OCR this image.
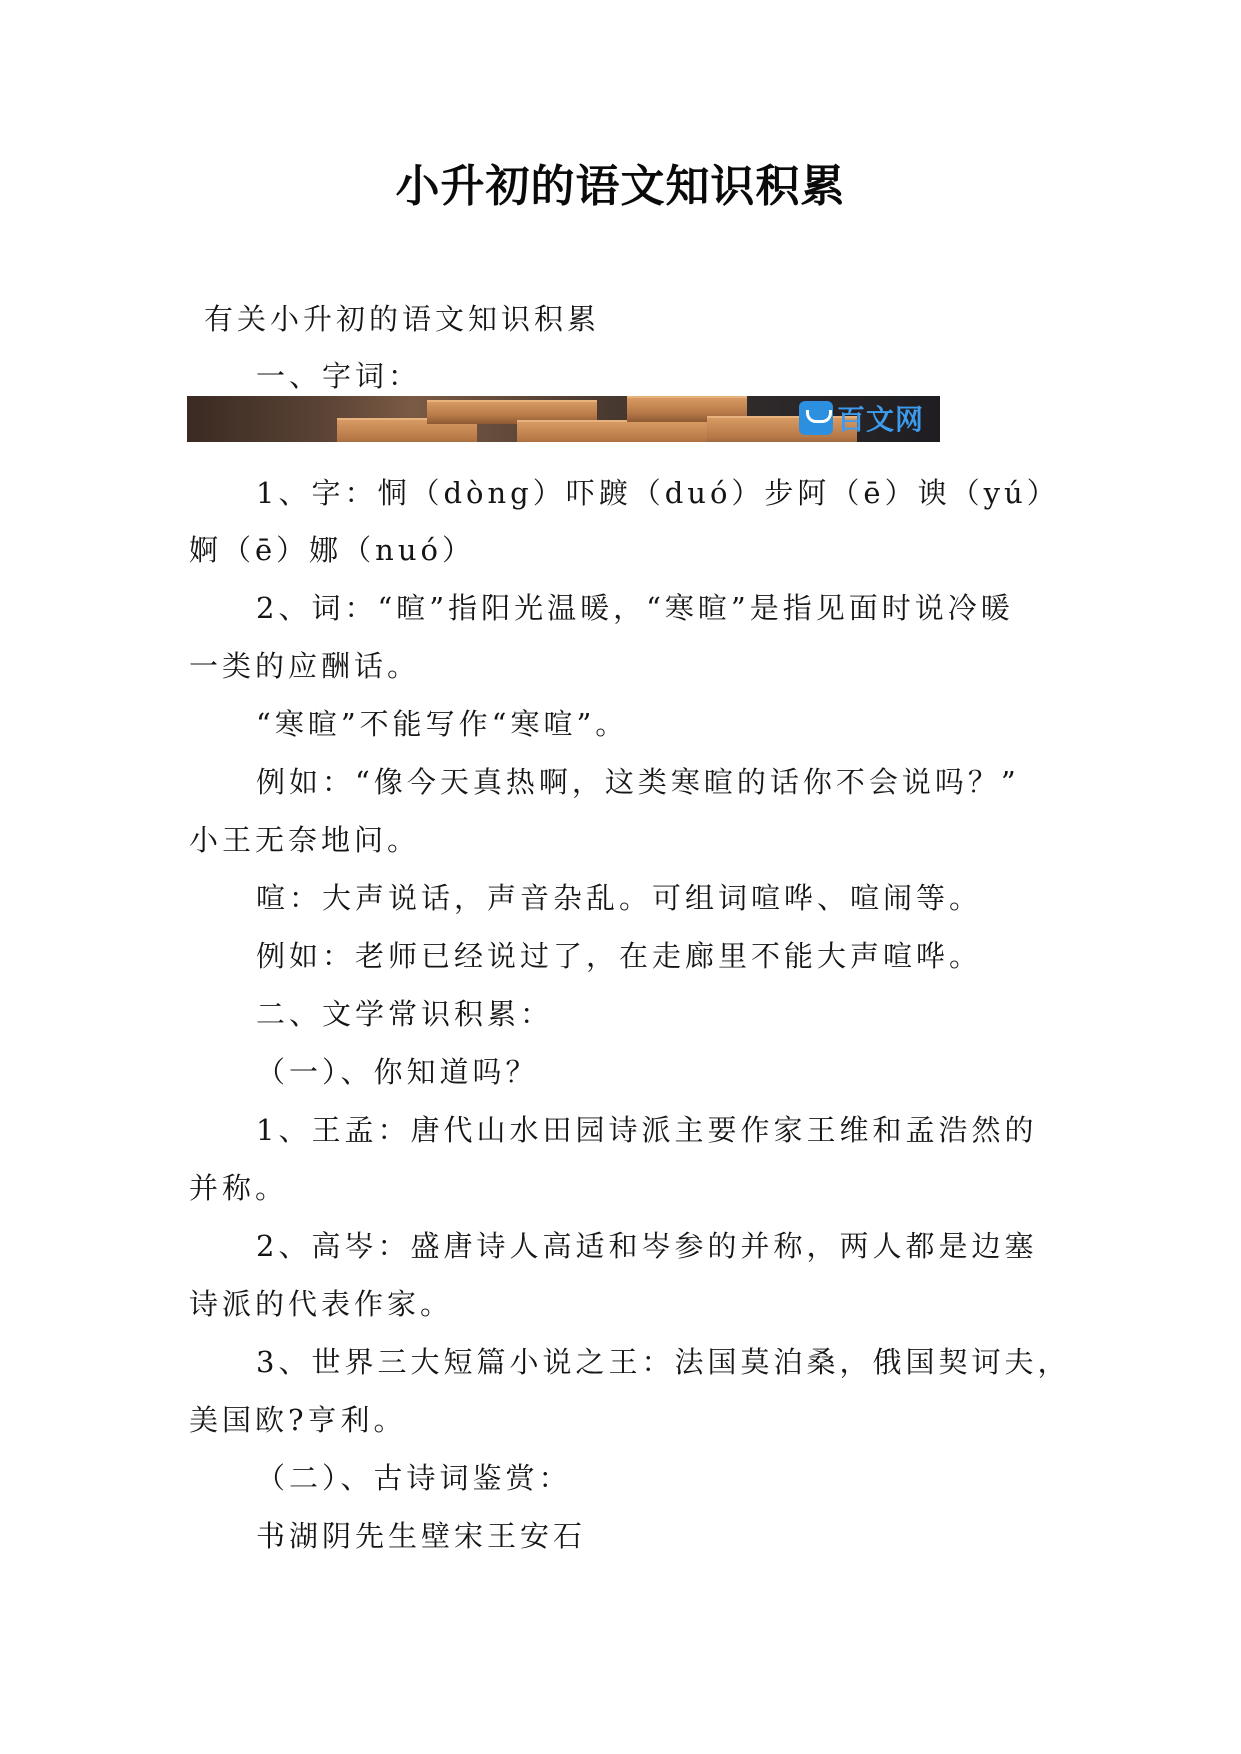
小升初的语文知识积累
有关小升初的语文知识积累
一、字词：
百文网
1、字：恫（dòng）吓踱（duó）步阿（ē）谀（yú）
婀（ē）娜（nuó）
2、词：“暄”指阳光温暖，“寒暄”是指见面时说冷暖
一类的应酬话。
“寒暄”不能写作“寒喧”。
例如：“像今天真热啊，这类寒暄的话你不会说吗？”
小王无奈地问。
喧：大声说话，声音杂乱。可组词喧哗、喧闹等。
例如：老师已经说过了，在走廊里不能大声喧哗。
二、文学常识积累：
（一）、你知道吗？
1、王孟：唐代山水田园诗派主要作家王维和孟浩然的
并称。
2、高岑：盛唐诗人高适和岑参的并称，两人都是边塞
诗派的代表作家。
3、世界三大短篇小说之王：法国莫泊桑，俄国契诃夫，
美国欧?亨利。
（二）、古诗词鉴赏：
书湖阴先生壁宋王安石
